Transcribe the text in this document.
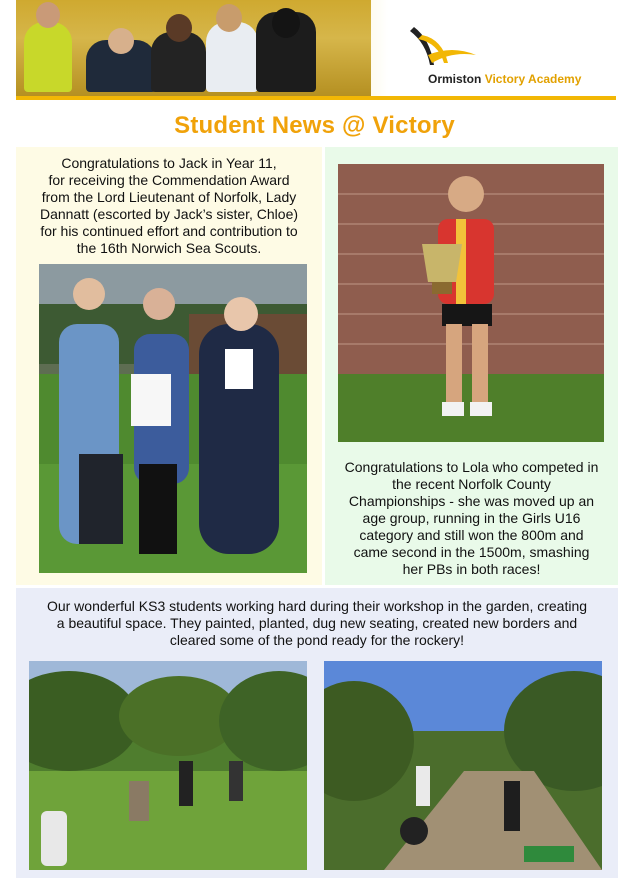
Ormiston Victory Academy
Student News @ Victory
Congratulations to Jack in Year 11,
for receiving the Commendation Award
from the Lord Lieutenant of Norfolk, Lady
Dannatt (escorted by Jack’s sister, Chloe)
for his continued effort and contribution to
the 16th Norwich Sea Scouts.
Congratulations to Lola who competed in
the recent Norfolk County
Championships - she was moved up an
age group, running in the Girls U16
category and still won the 800m and
came second in the 1500m, smashing
her PBs in both races!
Our wonderful KS3 students working hard during their workshop in the garden, creating
a beautiful space. They painted, planted, dug new seating, created new borders and
cleared some of the pond ready for the rockery!
